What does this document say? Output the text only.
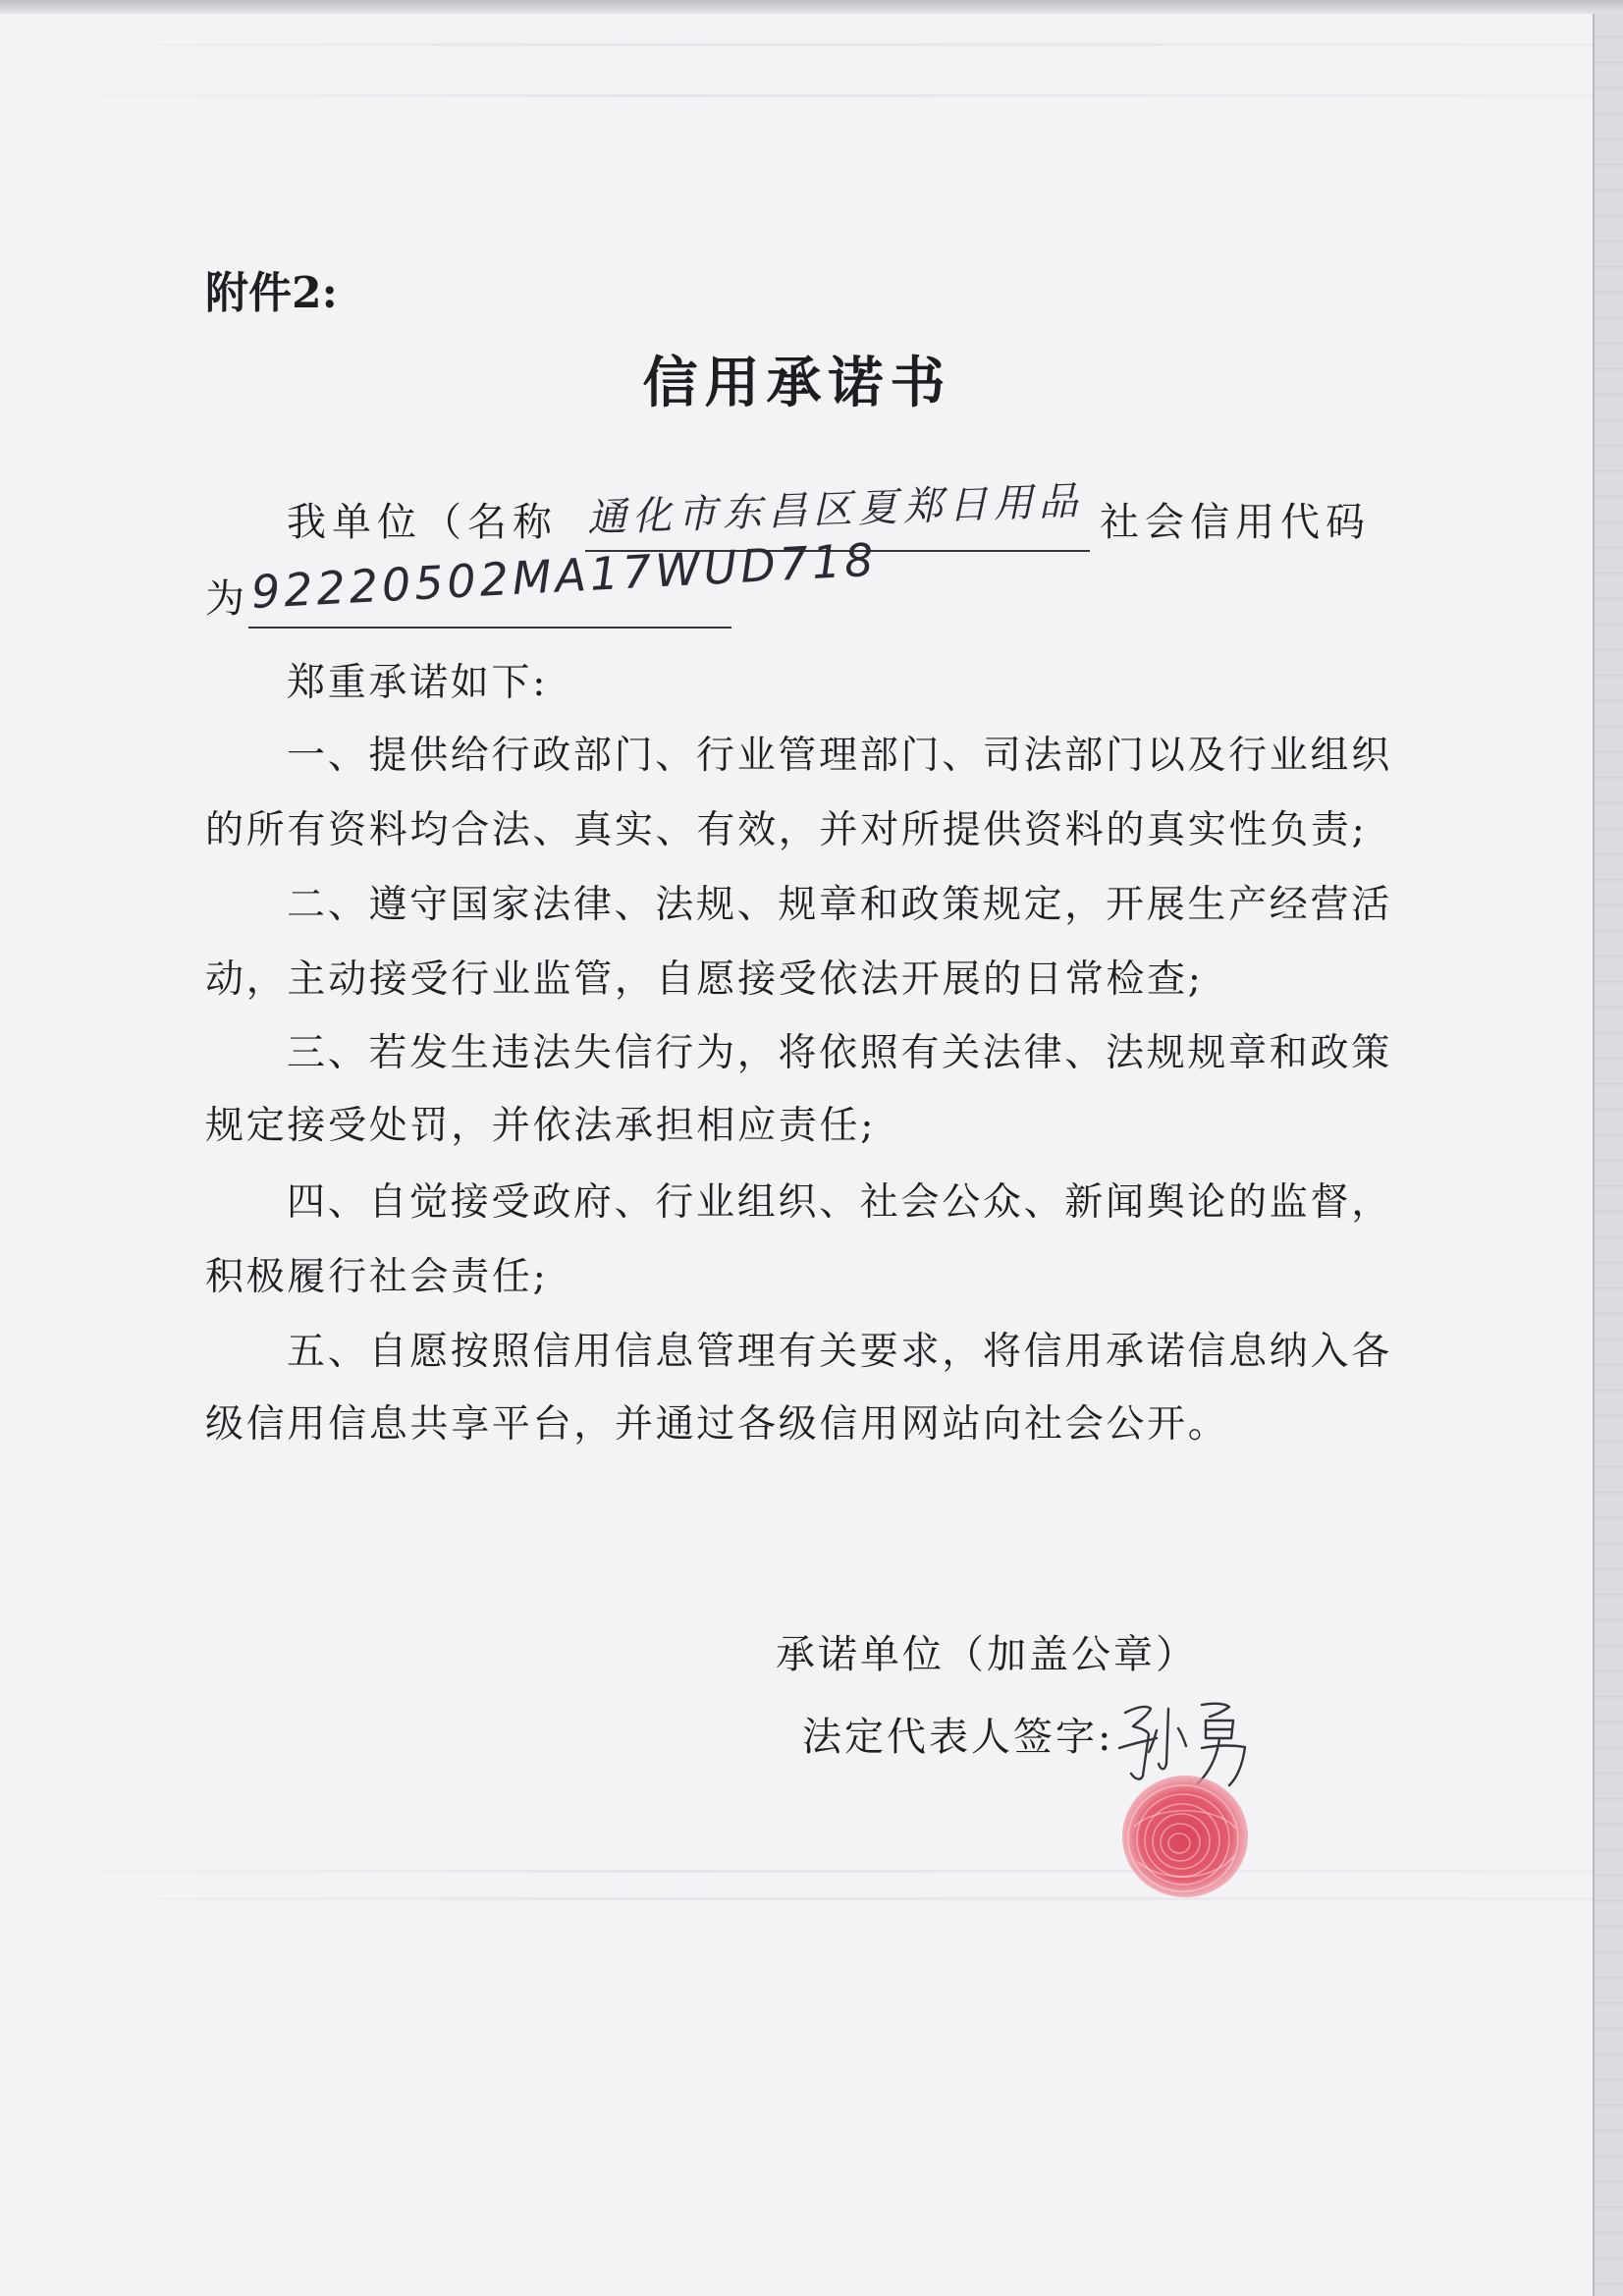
附件2:
信用承诺书
我单位（名称 通化市东昌区夏郑日用品 社会信用代码
为 92220502MA17WUD718
郑重承诺如下:
一、提供给行政部门、行业管理部门、司法部门以及行业组织
的所有资料均合法、真实、有效，并对所提供资料的真实性负责;
二、遵守国家法律、法规、规章和政策规定，开展生产经营活
动，主动接受行业监管，自愿接受依法开展的日常检查;
三、若发生违法失信行为，将依照有关法律、法规规章和政策
规定接受处罚，并依法承担相应责任;
四、自觉接受政府、行业组织、社会公众、新闻舆论的监督，
积极履行社会责任;
五、自愿按照信用信息管理有关要求，将信用承诺信息纳入各
级信用信息共享平台，并通过各级信用网站向社会公开。
承诺单位（加盖公章）
法定代表人签字:
